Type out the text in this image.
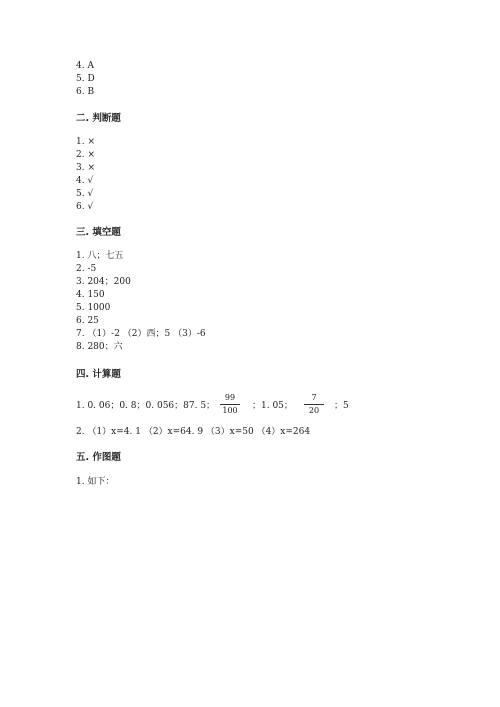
4. A
5. D
6. B
二. 判断题
1. ×
2. ×
3. ×
4. √
5. √
6. √
三. 填空题
1. 八；七五
2. -5
3. 204；200
4. 150
5. 1000
6. 25
7. （1）-2 （2）西；5 （3）-6
8. 280；六
四. 计算题
1. 0. 06；0. 8；0. 056；87. 5；
99
100	；1. 05；
7
20	；5
2. （1）x=4. 1 （2）x=64. 9 （3）x=50 （4）x=264
五. 作图题
1. 如下：
